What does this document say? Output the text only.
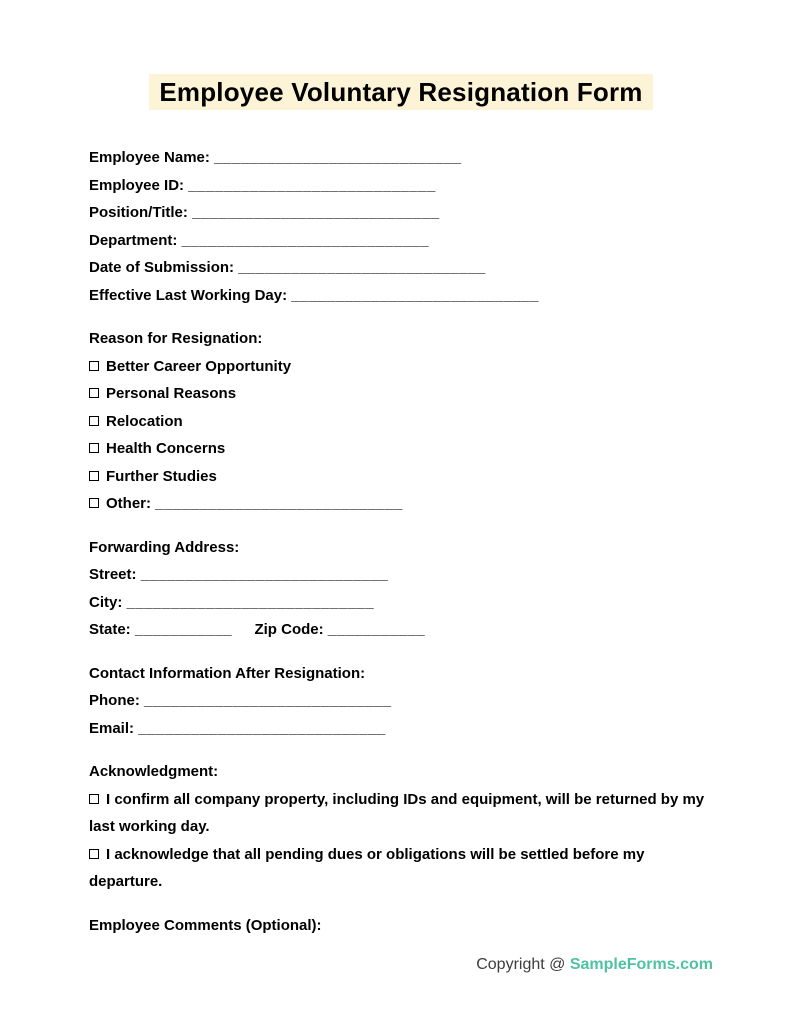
Employee Voluntary Resignation Form

Employee Name: ____________________________

Employee ID: ____________________________

Position/Title: ____________________________

Department: ____________________________

Date of Submission: ____________________________

Effective Last Working Day: ____________________________

Reason for Resignation:

Better Career Opportunity

Personal Reasons

Relocation

Health Concerns

Further Studies

Other: ____________________________

Forwarding Address:

Street: ____________________________

City: ____________________________

State: ___________ Zip Code: ___________

Contact Information After Resignation:

Phone: ____________________________

Email: ____________________________

Acknowledgment:

I confirm all company property, including IDs and equipment, will be returned by my last working day.

I acknowledge that all pending dues or obligations will be settled before my departure.

Employee Comments (Optional):

Copyright @ SampleForms.com
